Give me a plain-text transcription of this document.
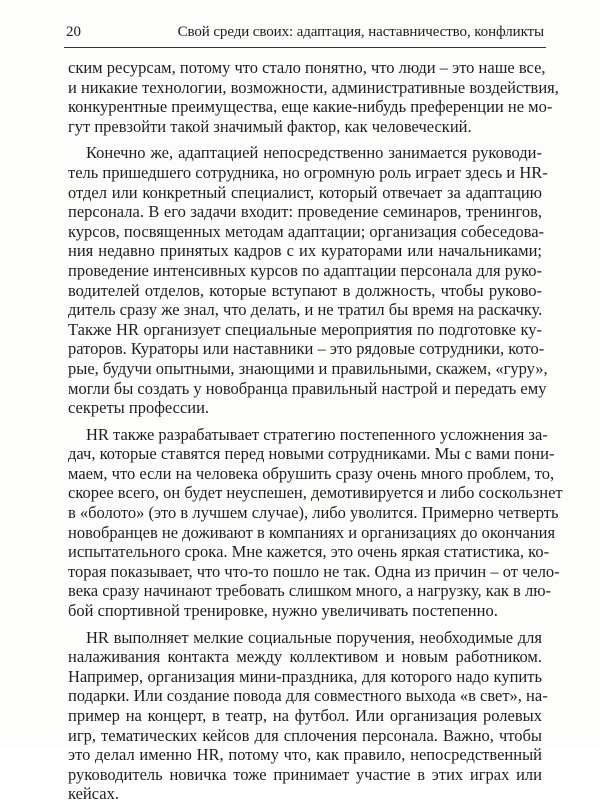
20	Свой среди своих: адаптация, наставничество, конфликты
ским ресурсам, потому что стало понятно, что люди – это наше все,
и никакие технологии, возможности, административные воздействия,
конкурентные преимущества, еще какие-нибудь преференции не мо-
гут превзойти такой значимый фактор, как человеческий.
Конечно же, адаптацией непосредственно занимается руководи-
тель пришедшего сотрудника, но огромную роль играет здесь и HR-
отдел или конкретный специалист, который отвечает за адаптацию
персонала. В его задачи входит: проведение семинаров, тренингов,
курсов, посвященных методам адаптации; организация собеседова-
ния недавно принятых кадров с их кураторами или начальниками;
проведение интенсивных курсов по адаптации персонала для руко-
водителей отделов, которые вступают в должность, чтобы руково-
дитель сразу же знал, что делать, и не тратил бы время на раскачку.
Также HR организует специальные мероприятия по подготовке ку-
раторов. Кураторы или наставники – это рядовые сотрудники, кото-
рые, будучи опытными, знающими и правильными, скажем, «гуру»,
могли бы создать у новобранца правильный настрой и передать ему
секреты профессии.
HR также разрабатывает стратегию постепенного усложнения за-
дач, которые ставятся перед новыми сотрудниками. Мы с вами пони-
маем, что если на человека обрушить сразу очень много проблем, то,
скорее всего, он будет неуспешен, демотивируется и либо соскользнет
в «болото» (это в лучшем случае), либо уволится. Примерно четверть
новобранцев не доживают в компаниях и организациях до окончания
испытательного срока. Мне кажется, это очень яркая статистика, ко-
торая показывает, что что-то пошло не так. Одна из причин – от чело-
века сразу начинают требовать слишком много, а нагрузку, как в лю-
бой спортивной тренировке, нужно увеличивать постепенно.
HR выполняет мелкие социальные поручения, необходимые для
налаживания контакта между коллективом и новым работником.
Например, организация мини-праздника, для которого надо купить
подарки. Или создание повода для совместного выхода «в свет», на-
пример на концерт, в театр, на футбол. Или организация ролевых
игр, тематических кейсов для сплочения персонала. Важно, чтобы
это делал именно HR, потому что, как правило, непосредственный
руководитель новичка тоже принимает участие в этих играх или
кейсах.
